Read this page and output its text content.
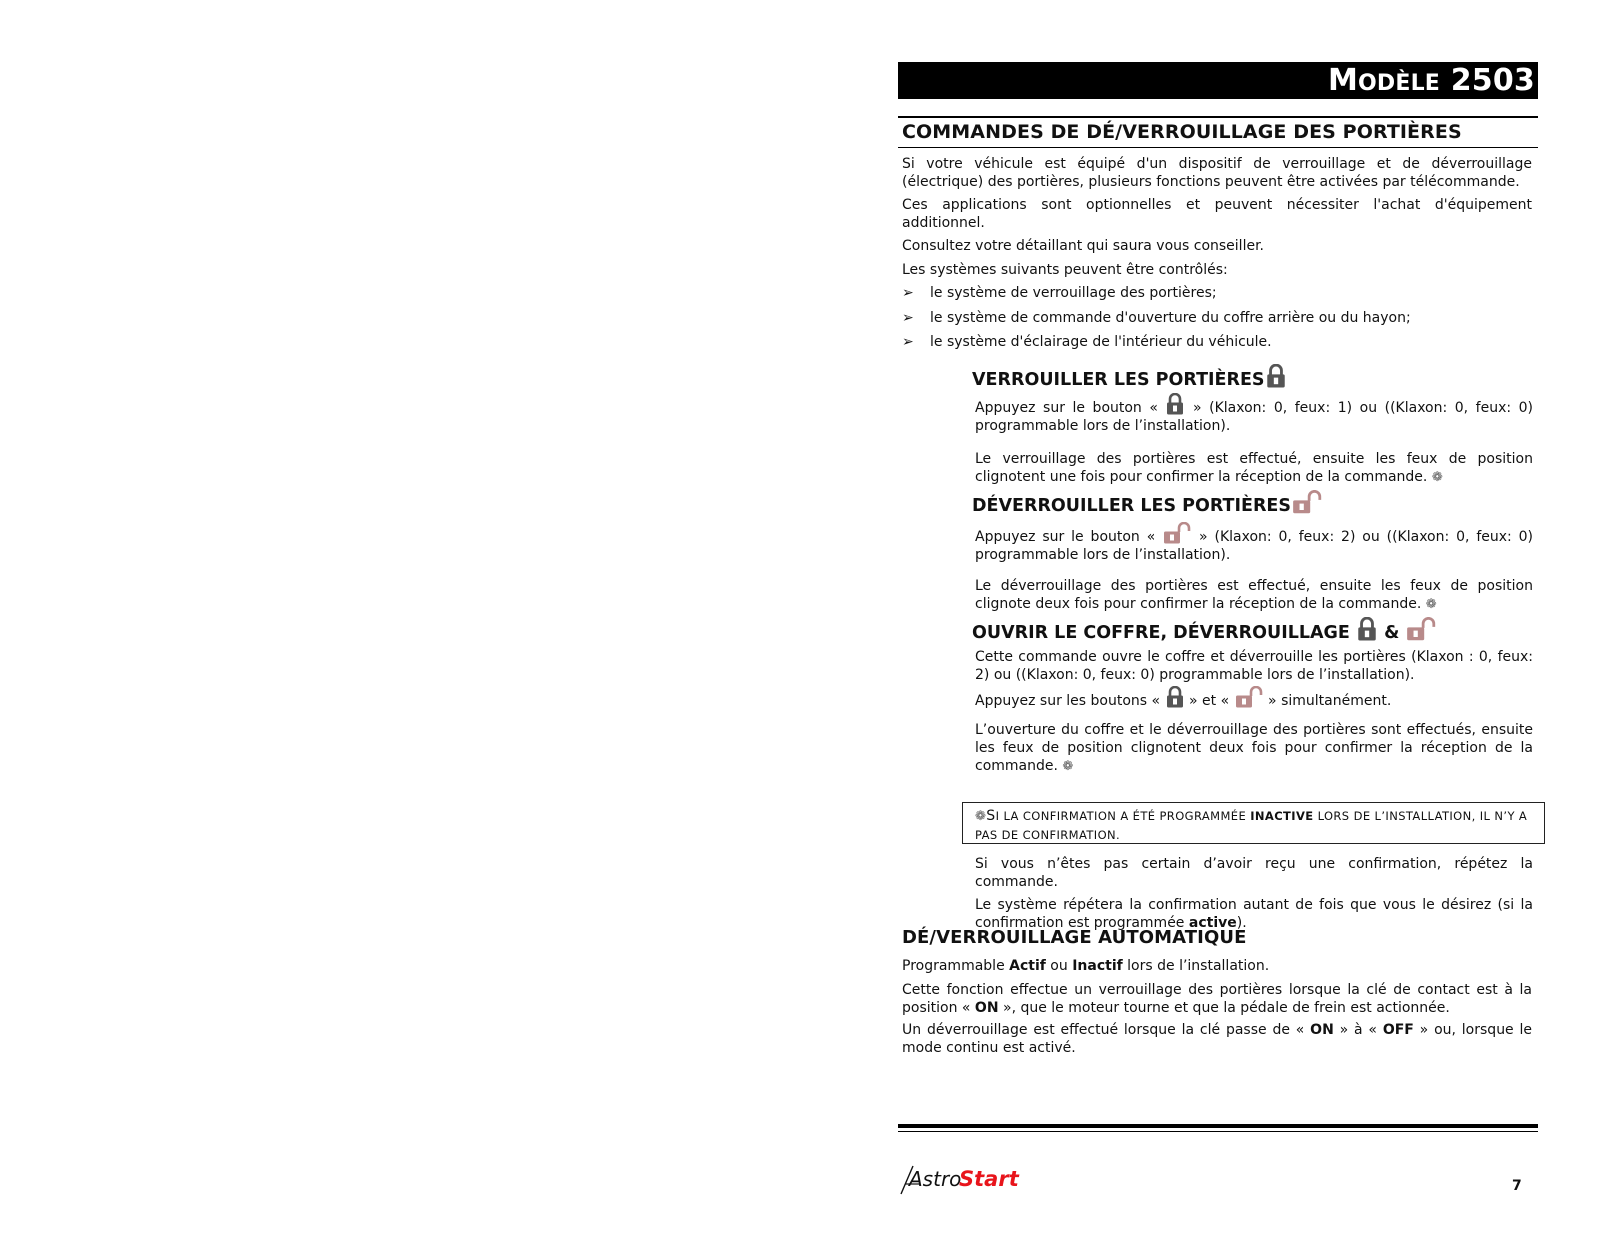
MODÈLE 2503
COMMANDES DE DÉ/VERROUILLAGE DES PORTIÈRES

Si votre véhicule est équipé d'un dispositif de verrouillage et de déverrouillage (électrique) des portières, plusieurs fonctions peuvent être activées par télécommande.

Ces applications sont optionnelles et peuvent nécessiter l'achat d'équipement additionnel.

Consultez votre détaillant qui saura vous conseiller.

Les systèmes suivants peuvent être contrôlés:

➢ le système de verrouillage des portières;

➢ le système de commande d'ouverture du coffre arrière ou du hayon;

➢ le système d'éclairage de l'intérieur du véhicule.

VERROUILLER LES PORTIÈRES

Appuyez sur le bouton «  » (Klaxon: 0, feux: 1) ou ((Klaxon: 0, feux: 0) programmable lors de l’installation).

Le verrouillage des portières est effectué, ensuite les feux de position clignotent une fois pour confirmer la réception de la commande. ❁

DÉVERROUILLER LES PORTIÈRES

Appuyez sur le bouton «  » (Klaxon: 0, feux: 2) ou ((Klaxon: 0, feux: 0) programmable lors de l’installation).

Le déverrouillage des portières est effectué, ensuite les feux de position clignote deux fois pour confirmer la réception de la commande. ❁

OUVRIR LE COFFRE, DÉVERROUILLAGE &

Cette commande ouvre le coffre et déverrouille les portières (Klaxon : 0, feux: 2) ou ((Klaxon: 0, feux: 0) programmable lors de l’installation).

Appuyez sur les boutons «  » et «  » simultanément.

L’ouverture du coffre et le déverrouillage des portières sont effectués, ensuite les feux de position clignotent deux fois pour confirmer la réception de la commande. ❁

❁SI LA CONFIRMATION A ÉTÉ PROGRAMMÉE INACTIVE LORS DE L’INSTALLATION, IL N’Y A PAS DE CONFIRMATION.

Si vous n’êtes pas certain d’avoir reçu une confirmation, répétez la commande.

Le système répétera la confirmation autant de fois que vous le désirez (si la confirmation est programmée active).

DÉ/VERROUILLAGE AUTOMATIQUE

Programmable Actif ou Inactif lors de l’installation.

Cette fonction effectue un verrouillage des portières lorsque la clé de contact est à la position « ON », que le moteur tourne et que la pédale de frein est actionnée.

Un déverrouillage est effectué lorsque la clé passe de « ON » à « OFF » ou, lorsque le mode continu est activé.

Astro
Start	7
